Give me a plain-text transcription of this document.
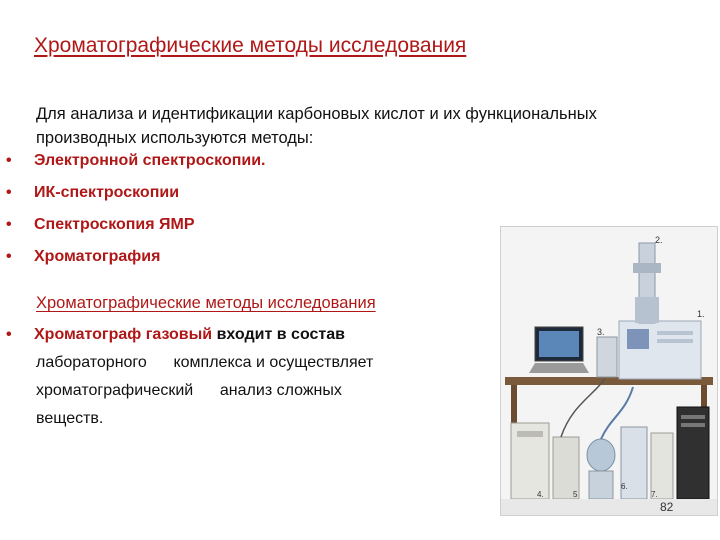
Хроматографические методы исследования
Для анализа и идентификации карбоновых кислот и их функциональных производных используются методы:
• Электронной спектроскопии.
• ИК-спектроскопии
• Спектроскопия ЯМР
• Хроматография
Хроматографические методы исследования
• Хроматограф газовый входит в состав
лабораторного      комплекса и осуществляет
хроматографический      анализ сложных
веществ.
2.
1.
3.
4.	5
6.
7.	8.
82
